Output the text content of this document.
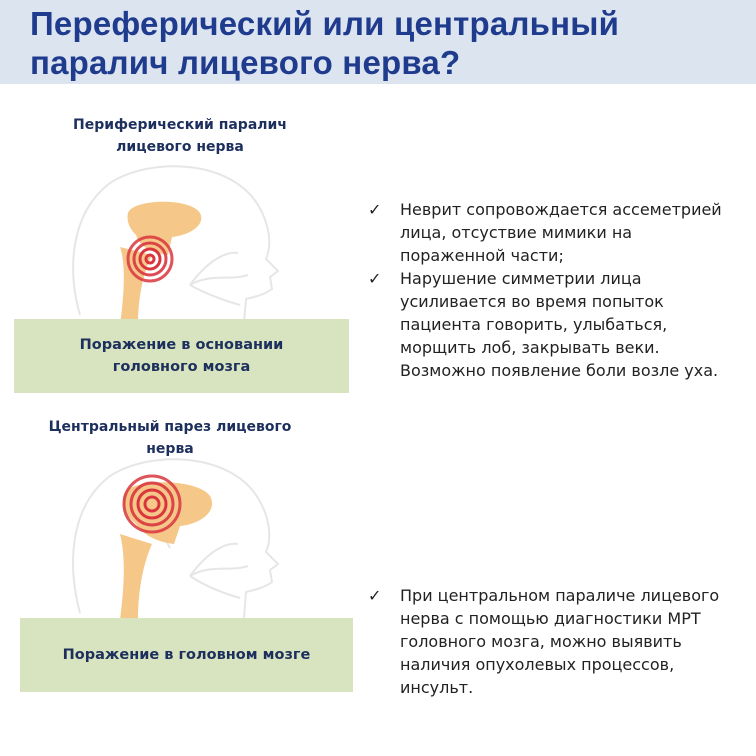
Переферический или центральный
паралич лицевого нерва?
Периферический паралич
лицевого нерва
Поражение в основании
головного мозга
Центральный парез лицевого
нерва
Поражение в головном мозге
✓ Неврит сопровождается ассеметрией
лица, отсуствие мимики на
пораженной части;
✓ Нарушение симметрии лица
усиливается во время попыток
пациента говорить, улыбаться,
морщить лоб, закрывать веки.
Возможно появление боли возле уха.
✓ При центральном параличе лицевого
нерва с помощью диагностики МРТ
головного мозга, можно выявить
наличия опухолевых процессов,
инсульт.
